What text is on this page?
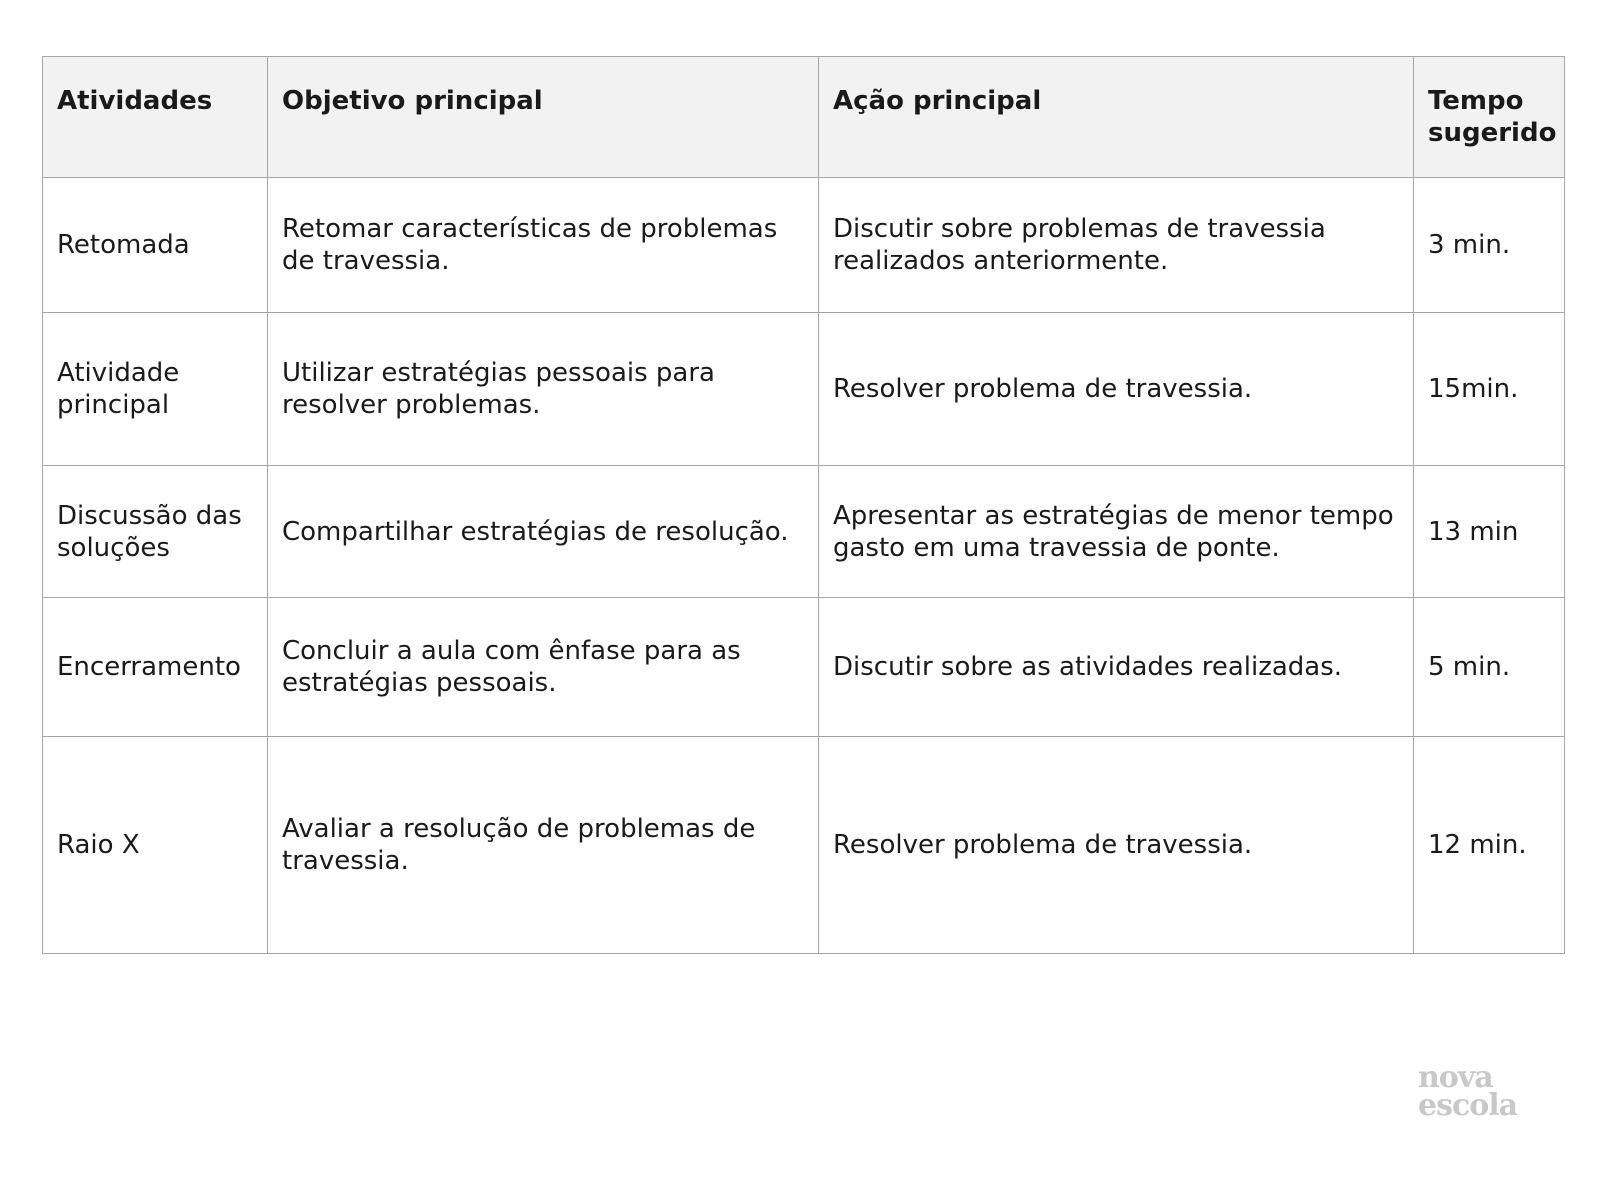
Atividades	Objetivo principal	Ação principal	Tempo sugerido
Retomada	Retomar características de problemas de travessia.	Discutir sobre problemas de travessia realizados anteriormente.	3 min.
Atividade principal	Utilizar estratégias pessoais para resolver problemas.	Resolver problema de travessia.	15min.
Discussão das soluções	Compartilhar estratégias de resolução.	Apresentar as estratégias de menor tempo gasto em uma travessia de ponte.	13 min
Encerramento	Concluir a aula com ênfase para as estratégias pessoais.	Discutir sobre as atividades realizadas.	5 min.
Raio X	Avaliar a resolução de problemas de travessia.	Resolver problema de travessia.	12 min.
nova
escola
